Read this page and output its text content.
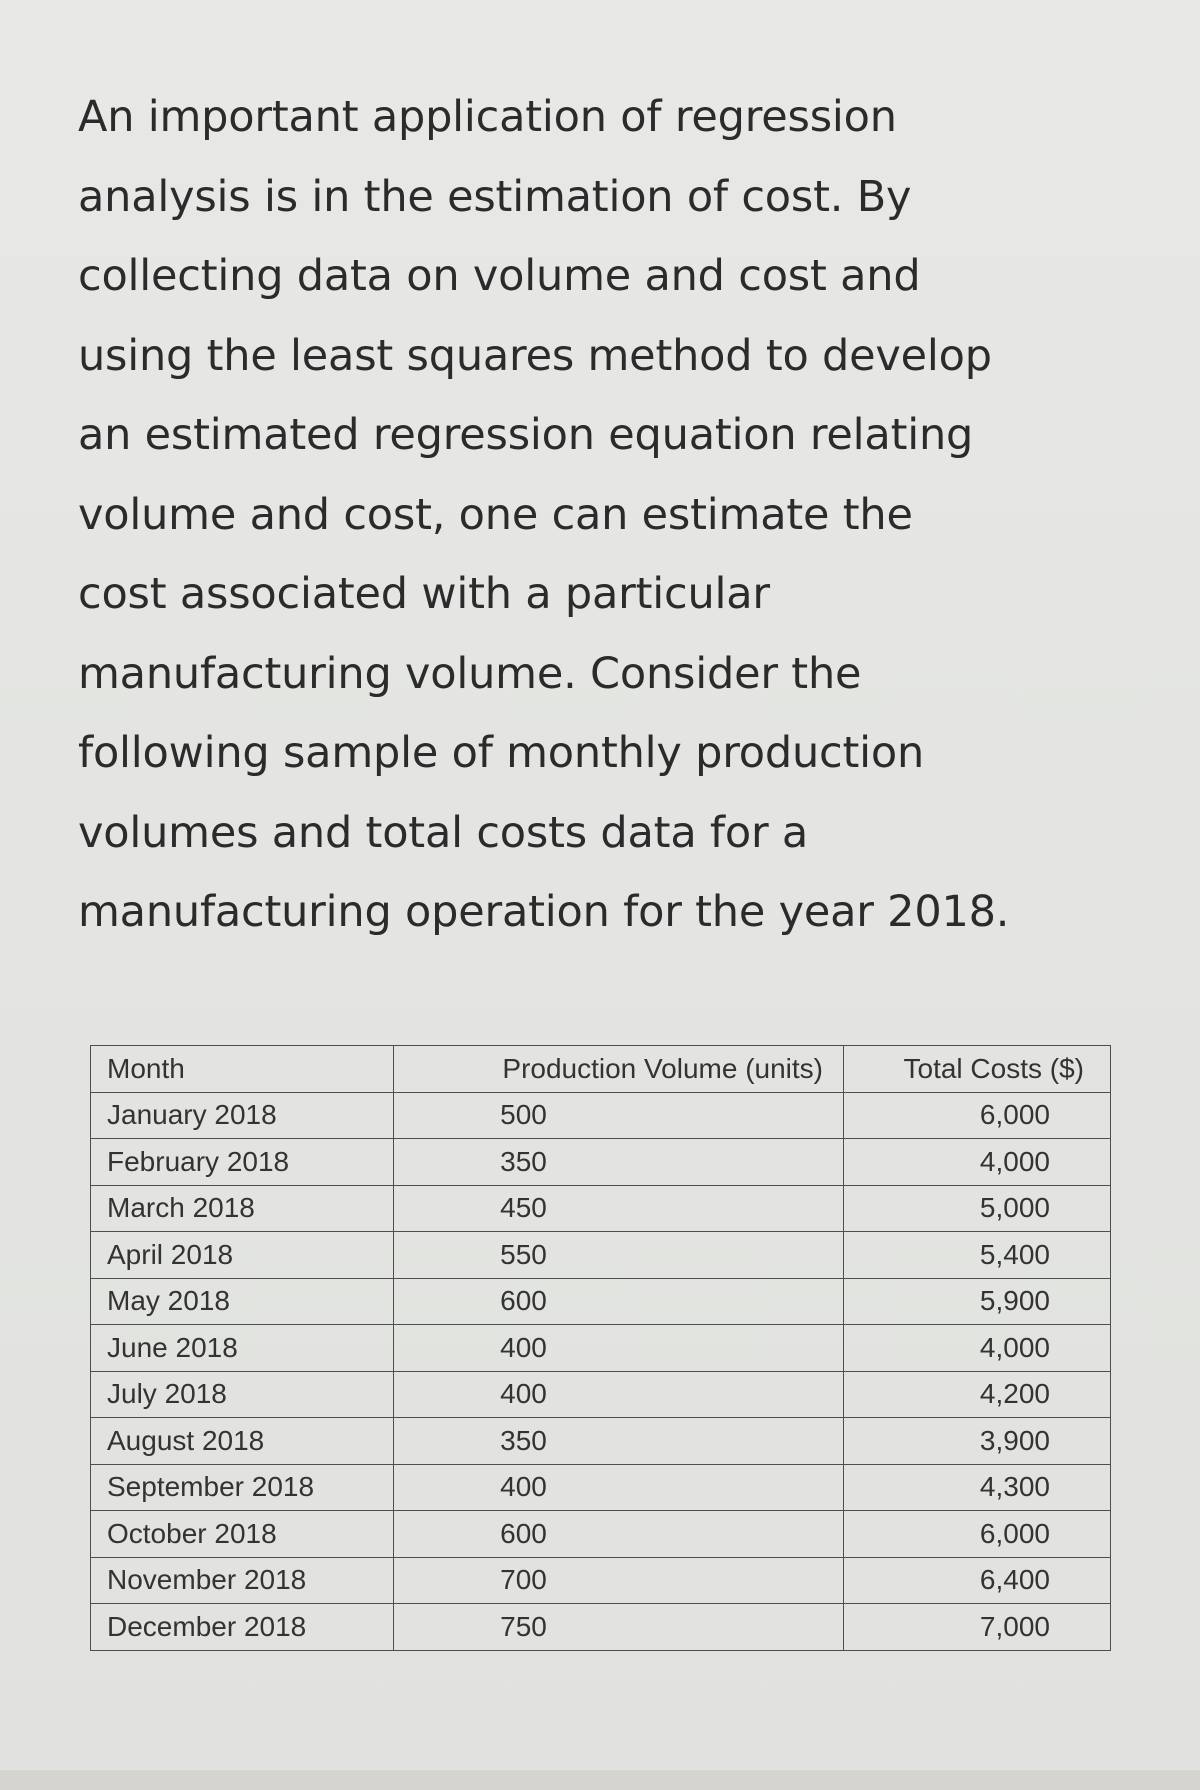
An important application of regression
analysis is in the estimation of cost. By
collecting data on volume and cost and
using the least squares method to develop
an estimated regression equation relating
volume and cost, one can estimate the
cost associated with a particular
manufacturing volume. Consider the
following sample of monthly production
volumes and total costs data for a
manufacturing operation for the year 2018.
Month	Production Volume (units)	Total Costs ($)
January 2018	500	6,000
February 2018	350	4,000
March 2018	450	5,000
April 2018	550	5,400
May 2018	600	5,900
June 2018	400	4,000
July 2018	400	4,200
August 2018	350	3,900
September 2018	400	4,300
October 2018	600	6,000
November 2018	700	6,400
December 2018	750	7,000
